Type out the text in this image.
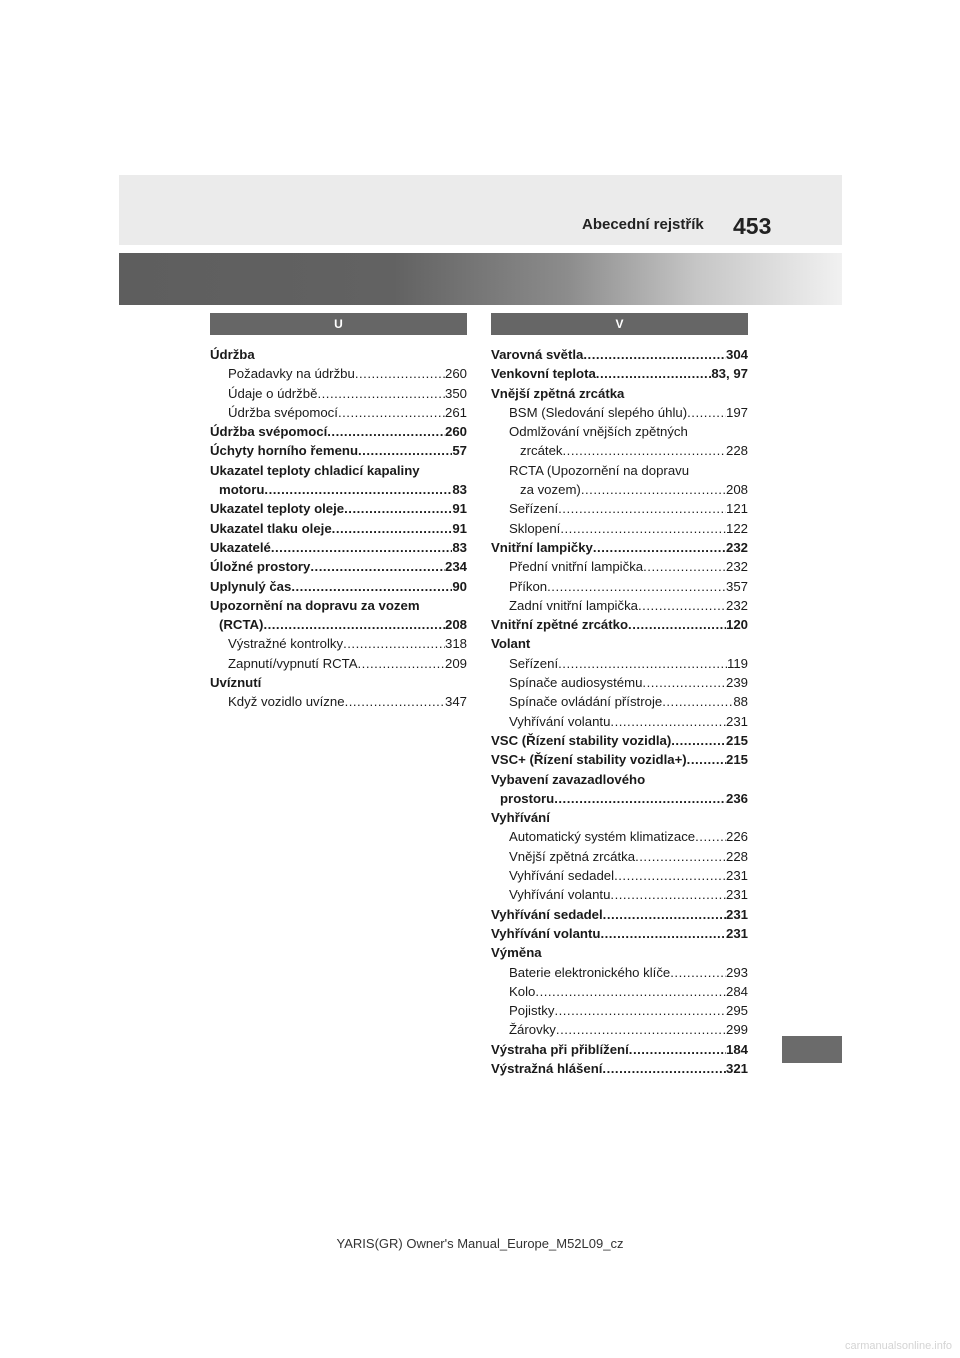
Abecední rejstřík 453
U
Údržba
Požadavky na údržbu .....	260
Údaje o údržbě .....	350
Údržba svépomocí .....	261
Údržba svépomocí .....	260
Úchyty horního řemenu .....	57
Ukazatel teploty chladicí kapaliny
motoru .....	83
Ukazatel teploty oleje .....	91
Ukazatel tlaku oleje .....	91
Ukazatelé .....	83
Úložné prostory .....	234
Uplynulý čas .....	90
Upozornění na dopravu za vozem
(RCTA) .....	208
Výstražné kontrolky .....	318
Zapnutí/vypnutí RCTA .....	209
Uvíznutí
Když vozidlo uvízne .....	347
V
Varovná světla .....	304
Venkovní teplota .....	83, 97
Vnější zpětná zrcátka
BSM (Sledování slepého úhlu) .....	197
Odmlžování vnějších zpětných
zrcátek .....	228
RCTA (Upozornění na dopravu
za vozem) .....	208
Seřízení .....	121
Sklopení .....	122
Vnitřní lampičky .....	232
Přední vnitřní lampička .....	232
Příkon .....	357
Zadní vnitřní lampička .....	232
Vnitřní zpětné zrcátko .....	120
Volant
Seřízení .....	119
Spínače audiosystému .....	239
Spínače ovládání přístroje .....	88
Vyhřívání volantu .....	231
VSC (Řízení stability vozidla) .....	215
VSC+ (Řízení stability vozidla+) .....	215
Vybavení zavazadlového
prostoru .....	236
Vyhřívání
Automatický systém klimatizace ..... 226
Vnější zpětná zrcátka .....	228
Vyhřívání sedadel .....	231
Vyhřívání volantu .....	231
Vyhřívání sedadel .....	231
Vyhřívání volantu .....	231
Výměna
Baterie elektronického klíče .....	293
Kolo .....	284
Pojistky .....	295
Žárovky .....	299
Výstraha při přiblížení .....	184
Výstražná hlášení .....	321
YARIS(GR) Owner's Manual_Europe_M52L09_cz
carmanualsonline.info
